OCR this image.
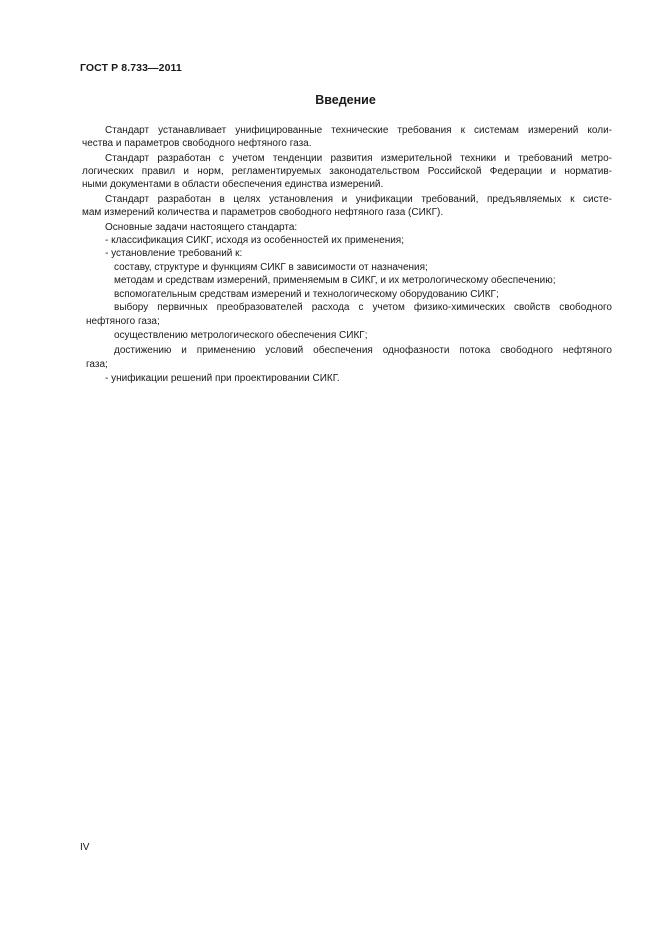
ГОСТ Р 8.733—2011
Введение

Стандарт устанавливает унифицированные технические требования к системам измерений коли-

чества и параметров свободного нефтяного газа.

Стандарт разработан с учетом тенденции развития измерительной техники и требований метро-

логических правил и норм, регламентируемых законодательством Российской Федерации и норматив-

ными документами в области обеспечения единства измерений.

Стандарт разработан в целях установления и унификации требований, предъявляемых к систе-

мам измерений количества и параметров свободного нефтяного газа (СИКГ).
Основные задачи настоящего стандарта:
- классификация СИКГ, исходя из особенностей их применения;
- установление требований к:
составу, структуре и функциям СИКГ в зависимости от назначения;
методам и средствам измерений, применяемым в СИКГ, и их метрологическому обеспечению;
вспомогательным средствам измерений и технологическому оборудованию СИКГ;

выбору первичных преобразователей расхода с учетом физико-химических свойств свободного

нефтяного газа;
осуществлению метрологического обеспечения СИКГ;

достижению и применению условий обеспечения однофазности потока свободного нефтяного

газа;
- унификации решений при проектировании СИКГ.
IV
